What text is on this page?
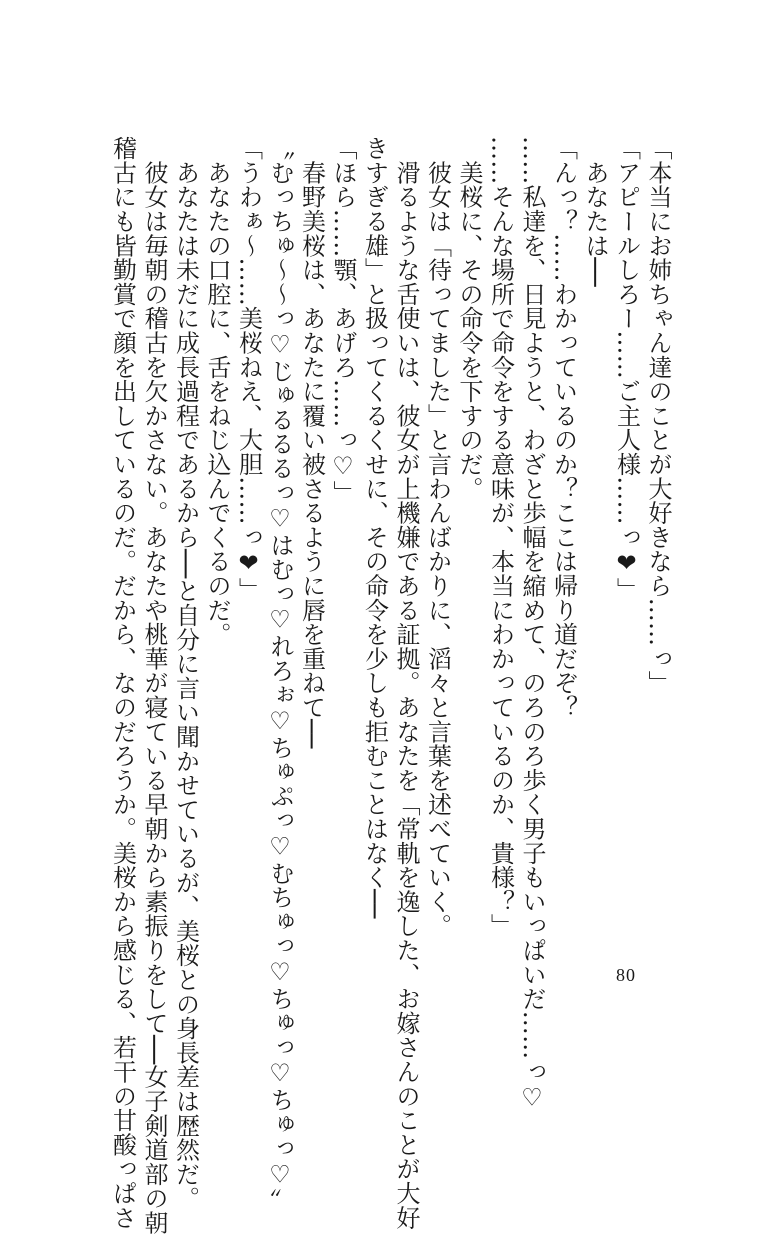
「本当にお姉ちゃん達のことが大好きなら……っ」
「アピールしろー……ご主人様……っ❤」
　あなたは──
「んっ？……わかっているのか？ここは帰り道だぞ？
……私達を、日見ようと、わざと歩幅を縮めて、のろのろ歩く男子もいっぱいだ……っ♡
……そんな場所で命令をする意味が、本当にわかっているのか、貴様？」
　美桜に、その命令を下すのだ。
　彼女は「待ってました」と言わんばかりに、滔々と言葉を述べていく。
　滑るような舌使いは、彼女が上機嫌である証拠。あなたを「常軌を逸した、お嫁さんのことが大好
きすぎる雄」と扱ってくるくせに、その命令を少しも拒むことはなく──
「ほら……顎、あげろ……っ♡」
　春野美桜は、あなたに覆い被さるように唇を重ねて──
〝むっちゅ～～っ♡じゅるるるっ♡はむっ♡れろぉ♡ちゅぷっ♡むちゅっ♡ちゅっ♡ちゅっ♡〟
「うわぁ～……美桜ねえ、大胆……っ❤」
　あなたの口腔に、舌をねじ込んでくるのだ。
　あなたは未だに成長過程であるから──と自分に言い聞かせているが、美桜との身長差は歴然だ。
　彼女は毎朝の稽古を欠かさない。あなたや桃華が寝ている早朝から素振りをして──女子剣道部の朝
稽古にも皆勤賞で顔を出しているのだ。だから、なのだろうか。美桜から感じる、若干の甘酸っぱさ	80
